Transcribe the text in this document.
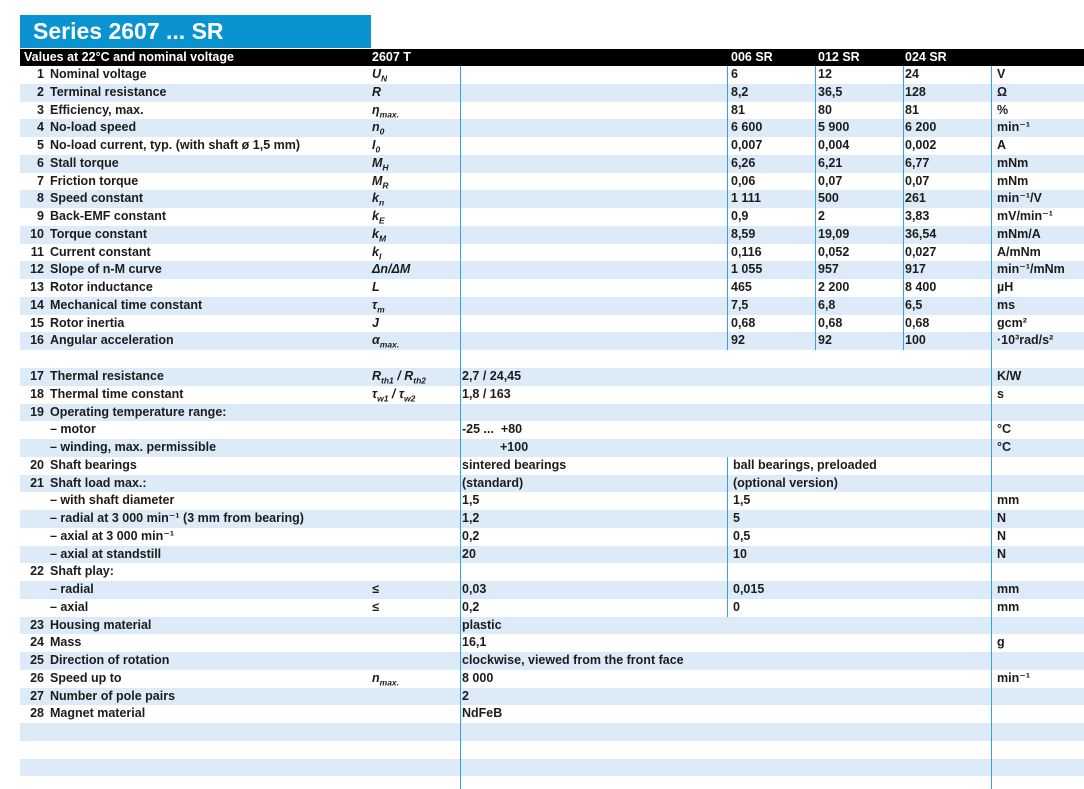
Series 2607 ... SR
Values at 22°C and nominal voltage	2607 T	006 SR	012 SR	024 SR
1 Nominal voltage	$U_N$	6	12	24	V
2 Terminal resistance	R	8,2	36,5	128	Ω
3 Efficiency, max.	$\eta_{max.}$	81	80	81	%
4 No-load speed	$n_0$	6 600	5 900	6 200	min⁻¹
5 No-load current, typ. (with shaft ø 1,5 mm)	$I_0$	0,007	0,004	0,002	A
6 Stall torque	$M_H$	6,26	6,21	6,77	mNm
7 Friction torque	$M_R$	0,06	0,07	0,07	mNm
8 Speed constant	$k_n$	1 111	500	261	min⁻¹/V
9 Back-EMF constant	$k_E$	0,9	2	3,83	mV/min⁻¹
10 Torque constant	$k_M$	8,59	19,09	36,54	mNm/A
11 Current constant	$k_I$	0,116	0,052	0,027	A/mNm
12 Slope of n-M curve	Δn/ΔM	1 055	957	917	min⁻¹/mNm
13 Rotor inductance	L	465	2 200	8 400	µH
14 Mechanical time constant	$\tau_m$	7,5	6,8	6,5	ms
15 Rotor inertia	J	0,68	0,68	0,68	gcm²
16 Angular acceleration	$\alpha_{max.}$	92	92	100	·10³rad/s²
17 Thermal resistance	$R_{th1} / R_{th2}$	2,7 / 24,45	K/W
18 Thermal time constant	$\tau_{w1} / \tau_{w2}$	1,8 / 163	s
19 Operating temperature range:
– motor	-25 ...  +80	°C
– winding, max. permissible	+100	°C
20 Shaft bearings	sintered bearings	ball bearings, preloaded
21 Shaft load max.:	(standard)	(optional version)
– with shaft diameter	1,5	1,5	mm
– radial at 3 000 min⁻¹ (3 mm from bearing)	1,2	5	N
– axial at 3 000 min⁻¹	0,2	0,5	N
– axial at standstill	20	10	N
22 Shaft play:
– radial	≤	0,03	0,015	mm
– axial	≤	0,2	0	mm
23 Housing material	plastic
24 Mass	16,1	g
25 Direction of rotation	clockwise, viewed from the front face
26 Speed up to	$n_{max.}$	8 000	min⁻¹
27 Number of pole pairs	2
28 Magnet material	NdFeB
